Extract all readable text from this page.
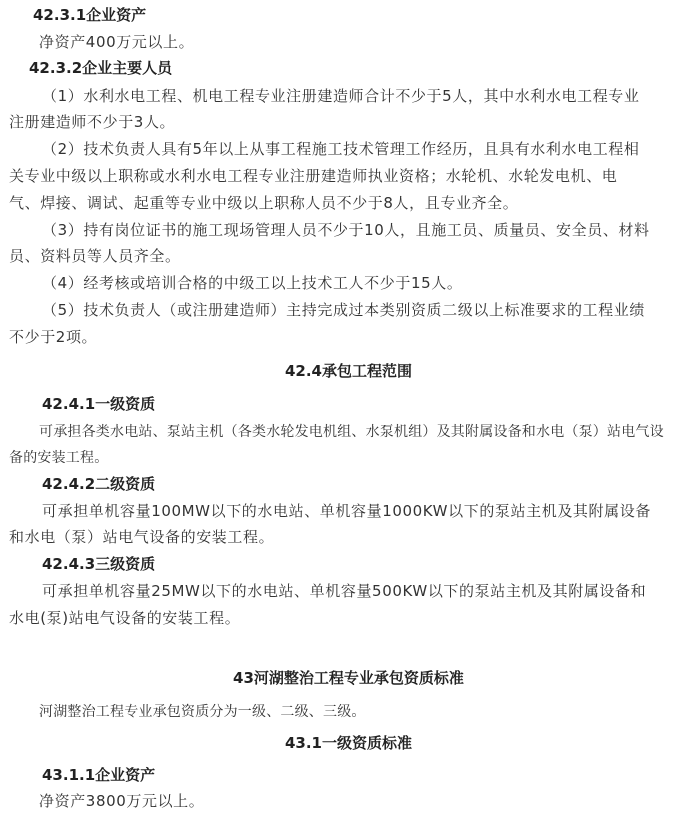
42.3.1企业资产
净资产400万元以上。
42.3.2企业主要人员
（1）水利水电工程、机电工程专业注册建造师合计不少于5人，其中水利水电工程专业
注册建造师不少于3人。
（2）技术负责人具有5年以上从事工程施工技术管理工作经历，且具有水利水电工程相
关专业中级以上职称或水利水电工程专业注册建造师执业资格；水轮机、水轮发电机、电
气、焊接、调试、起重等专业中级以上职称人员不少于8人，且专业齐全。
（3）持有岗位证书的施工现场管理人员不少于10人，且施工员、质量员、安全员、材料
员、资料员等人员齐全。
（4）经考核或培训合格的中级工以上技术工人不少于15人。
（5）技术负责人（或注册建造师）主持完成过本类别资质二级以上标准要求的工程业绩
不少于2项。
42.4承包工程范围
42.4.1一级资质
可承担各类水电站、泵站主机（各类水轮发电机组、水泵机组）及其附属设备和水电（泵）站电气设
备的安装工程。
42.4.2二级资质
可承担单机容量100MW以下的水电站、单机容量1000KW以下的泵站主机及其附属设备
和水电（泵）站电气设备的安装工程。
42.4.3三级资质
可承担单机容量25MW以下的水电站、单机容量500KW以下的泵站主机及其附属设备和
水电(泵)站电气设备的安装工程。
43河湖整治工程专业承包资质标准
河湖整治工程专业承包资质分为一级、二级、三级。
43.1一级资质标准
43.1.1企业资产
净资产3800万元以上。
